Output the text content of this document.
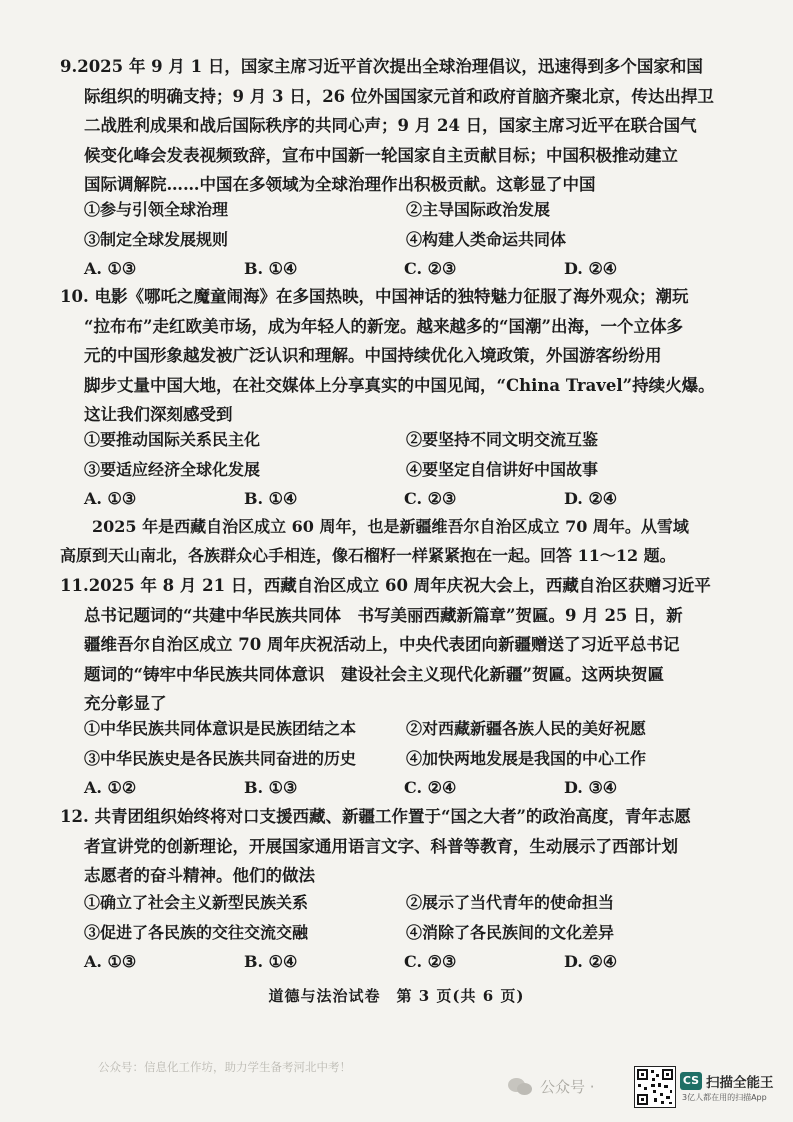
9.2025 年 9 月 1 日，国家主席习近平首次提出全球治理倡议，迅速得到多个国家和国
际组织的明确支持；9 月 3 日，26 位外国国家元首和政府首脑齐聚北京，传达出捍卫
二战胜利成果和战后国际秩序的共同心声；9 月 24 日，国家主席习近平在联合国气
候变化峰会发表视频致辞，宣布中国新一轮国家自主贡献目标；中国积极推动建立
国际调解院……中国在多领域为全球治理作出积极贡献。这彰显了中国
①参与引领全球治理	②主导国际政治发展
③制定全球发展规则	④构建人类命运共同体
A. ①③	B. ①④	C. ②③	D. ②④
10. 电影《哪吒之魔童闹海》在多国热映，中国神话的独特魅力征服了海外观众；潮玩
“拉布布”走红欧美市场，成为年轻人的新宠。越来越多的“国潮”出海，一个立体多
元的中国形象越发被广泛认识和理解。中国持续优化入境政策，外国游客纷纷用
脚步丈量中国大地，在社交媒体上分享真实的中国见闻，“China Travel”持续火爆。
这让我们深刻感受到
①要推动国际关系民主化	②要坚持不同文明交流互鉴
③要适应经济全球化发展	④要坚定自信讲好中国故事
A. ①③	B. ①④	C. ②③	D. ②④
2025 年是西藏自治区成立 60 周年，也是新疆维吾尔自治区成立 70 周年。从雪域
高原到天山南北，各族群众心手相连，像石榴籽一样紧紧抱在一起。回答 11～12 题。
11.2025 年 8 月 21 日，西藏自治区成立 60 周年庆祝大会上，西藏自治区获赠习近平
总书记题词的“共建中华民族共同体　书写美丽西藏新篇章”贺匾。9 月 25 日，新
疆维吾尔自治区成立 70 周年庆祝活动上，中央代表团向新疆赠送了习近平总书记
题词的“铸牢中华民族共同体意识　建设社会主义现代化新疆”贺匾。这两块贺匾
充分彰显了
①中华民族共同体意识是民族团结之本	②对西藏新疆各族人民的美好祝愿
③中华民族史是各民族共同奋进的历史	④加快两地发展是我国的中心工作
A. ①②	B. ①③	C. ②④	D. ③④
12. 共青团组织始终将对口支援西藏、新疆工作置于“国之大者”的政治高度，青年志愿
者宣讲党的创新理论，开展国家通用语言文字、科普等教育，生动展示了西部计划
志愿者的奋斗精神。他们的做法
①确立了社会主义新型民族关系	②展示了当代青年的使命担当
③促进了各民族的交往交流交融	④消除了各民族间的文化差异
A. ①③	B. ①④	C. ②③	D. ②④
道德与法治试卷　第 3 页(共 6 页)
公众号：信息化工作坊，助力学生备考河北中考！
公众号 ·	CS 扫描全能王
3亿人都在用的扫描App
